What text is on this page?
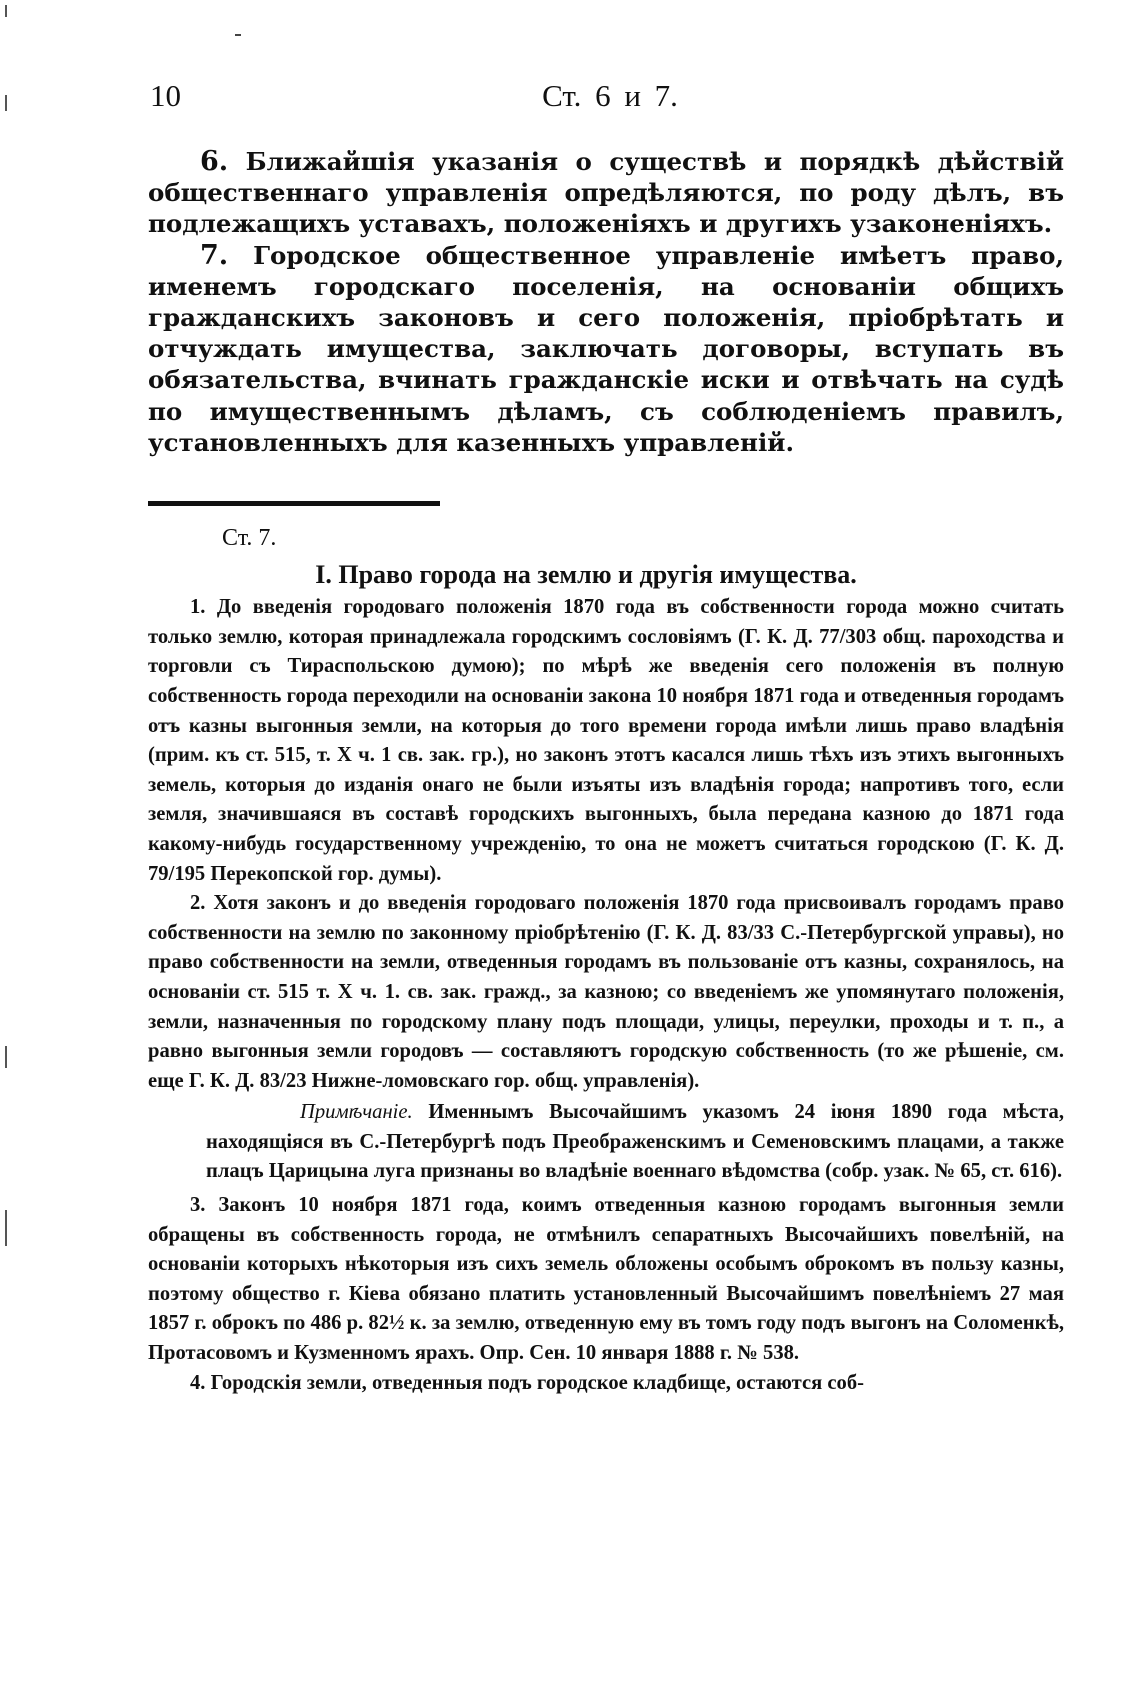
10	Ст. 6 и 7.

6. Ближайшія указанія о существѣ и порядкѣ дѣйствій общественнаго управленія опредѣляются, по роду дѣлъ, въ подлежащихъ уставахъ, положеніяхъ и другихъ узаконеніяхъ.

7. Городское общественное управленіе имѣетъ право, именемъ городскаго поселенія, на основаніи общихъ гражданскихъ законовъ и сего положенія, пріобрѣтать и отчуждать имущества, заключать договоры, вступать въ обязательства, вчинать гражданскіе иски и отвѣчать на судѣ по имущественнымъ дѣламъ, съ соблюденіемъ правилъ, установленныхъ для казенныхъ управленій.

Ст. 7.
I. Право города на землю и другія имущества.

1. До введенія городоваго положенія 1870 года въ собственности города можно считать только землю, которая принадлежала городскимъ сословіямъ (Г. К. Д. 77/303 общ. пароходства и торговли съ Тираспольскою думою); по мѣрѣ же введенія сего положенія въ полную собственность города переходили на основаніи закона 10 ноября 1871 года и отведенныя городамъ отъ казны выгонныя земли, на которыя до того времени города имѣли лишь право владѣнія (прим. къ ст. 515, т. X ч. 1 св. зак. гр.), но законъ этотъ касался лишь тѣхъ изъ этихъ выгонныхъ земель, которыя до изданія онаго не были изъяты изъ владѣнія города; напротивъ того, если земля, значившаяся въ составѣ городскихъ выгонныхъ, была передана казною до 1871 года какому-нибудь государственному учрежденію, то она не можетъ считаться городскою (Г. К. Д. 79/195 Перекопской гор. думы).

2. Хотя законъ и до введенія городоваго положенія 1870 года присвоивалъ городамъ право собственности на землю по законному пріобрѣтенію (Г. К. Д. 83/33 С.-Петербургской управы), но право собственности на земли, отведенныя городамъ въ пользованіе отъ казны, сохранялось, на основаніи ст. 515 т. X ч. 1. св. зак. гражд., за казною; со введеніемъ же упомянутаго положенія, земли, назначенныя по городскому плану подъ площади, улицы, переулки, проходы и т. п., а равно выгонныя земли городовъ — составляютъ городскую собственность (то же рѣшеніе, см. еще Г. К. Д. 83/23 Нижне-ломовскаго гор. общ. управленія).

Примѣчаніе. Именнымъ Высочайшимъ указомъ 24 іюня 1890 года мѣста, находящіяся въ С.-Петербургѣ подъ Преображенскимъ и Семеновскимъ плацами, а также плацъ Царицына луга признаны во владѣніе военнаго вѣдомства (собр. узак. № 65, ст. 616).

3. Законъ 10 ноября 1871 года, коимъ отведенныя казною городамъ выгонныя земли обращены въ собственность города, не отмѣнилъ сепаратныхъ Высочайшихъ повелѣній, на основаніи которыхъ нѣкоторыя изъ сихъ земель обложены особымъ оброкомъ въ пользу казны, поэтому общество г. Кіева обязано платить установленный Высочайшимъ повелѣніемъ 27 мая 1857 г. оброкъ по 486 р. 82½ к. за землю, отведенную ему въ томъ году подъ выгонъ на Соломенкѣ, Протасовомъ и Кузменномъ ярахъ. Опр. Сен. 10 января 1888 г. № 538.

4. Городскія земли, отведенныя подъ городское кладбище, остаются соб-
